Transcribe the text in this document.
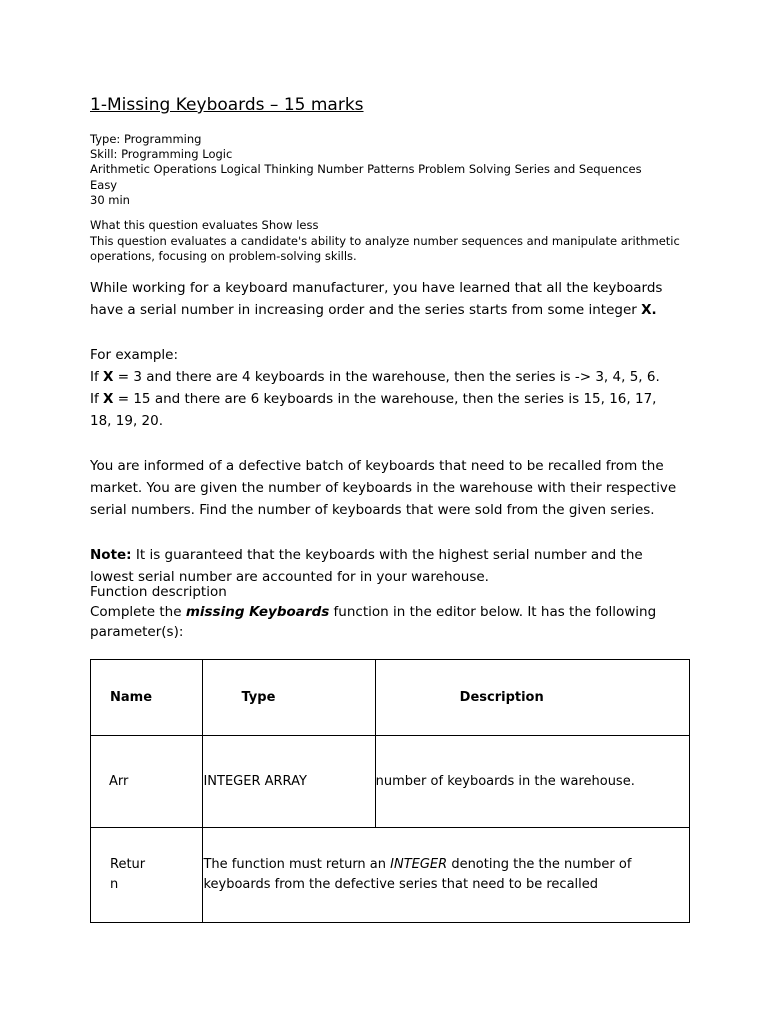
1-Missing Keyboards – 15 marks
Type: Programming
Skill: Programming Logic
Arithmetic Operations Logical Thinking Number Patterns Problem Solving Series and Sequences
Easy
30 min
What this question evaluates Show less
This question evaluates a candidate's ability to analyze number sequences and manipulate arithmetic operations, focusing on problem-solving skills.
While working for a keyboard manufacturer, you have learned that all the keyboards have a serial number in increasing order and the series starts from some integer X.
For example:
If X = 3 and there are 4 keyboards in the warehouse, then the series is -> 3, 4, 5, 6.
If X = 15 and there are 6 keyboards in the warehouse, then the series is 15, 16, 17, 18, 19, 20.
You are informed of a defective batch of keyboards that need to be recalled from the market. You are given the number of keyboards in the warehouse with their respective serial numbers. Find the number of keyboards that were sold from the given series.
Note: It is guaranteed that the keyboards with the highest serial number and the lowest serial number are accounted for in your warehouse.
Function description
Complete the missing Keyboards function in the editor below. It has the following parameter(s):
Name	Type	Description
Arr	INTEGER ARRAY	number of keyboards in the warehouse.

Retur
n	The function must return an INTEGER denoting the the number of keyboards from the defective series that need to be recalled	
